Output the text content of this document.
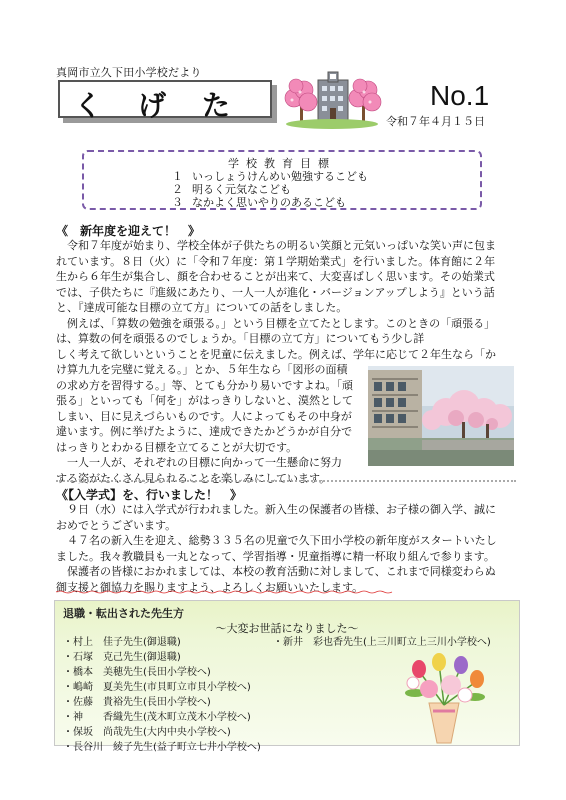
真岡市立久下田小学校だより
くげた	No.1
令和７年４月１５日
学校教育目標
１ いっしょうけんめい勉強するこども
２ 明るく元気なこども
３ なかよく思いやりのあるこども
《　新年度を迎えて！　》
令和７年度が始まり、学校全体が子供たちの明るい笑顔と元気いっぱいな笑い声に包ま
れています。８日（火）に「令和７年度：第１学期始業式」を行いました。体育館に２年
生から６年生が集合し、顔を合わせることが出来て、大変喜ばしく思います。その始業式
では、子供たちに『進級にあたり、一人一人が進化・バージョンアップしよう』という話
と、『達成可能な目標の立て方』についての話をしました。
例えば、「算数の勉強を頑張る。」という目標を立てたとします。このときの「頑張る」
は、算数の何を頑張るのでしょうか。「目標の立て方」についてもう少し詳
しく考えて欲しいということを児童に伝えました。例えば、学年に応じて２年生なら「か
け算九九を完璧に覚える。」とか、５年生なら「図形の面積
の求め方を習得する。」等、とても分かり易いですよね。「頑
張る」といっても「何を」がはっきりしないと、漠然として
しまい、目に見えづらいものです。人によってもその中身が
違います。例に挙げたように、達成できたかどうかが自分で
はっきりとわかる目標を立てることが大切です。
一人一人が、それぞれの目標に向かって一生懸命に努力
する姿がたくさん見られることを楽しみにしています。
《【入学式】を、行いました！　》
９日（水）には入学式が行われました。新入生の保護者の皆様、お子様の御入学、誠に
おめでとうございます。
４７名の新入生を迎え、総勢３３５名の児童で久下田小学校の新年度がスタートいたし
ました。我々教職員も一丸となって、学習指導・児童指導に精一杯取り組んで参ります。
保護者の皆様におかれましては、本校の教育活動に対しまして、これまで同様変わらぬ
御支援と御協力を賜りますよう、よろしくお願いいたします。
退職・転出された先生方
～大変お世話になりました～
・ 村上　佳子先生(御退職)
・ 石塚　克己先生(御退職)
・ 橋本　美穂先生(長田小学校へ)
・ 嶋崎　夏美先生(市貝町立市貝小学校へ)
・ 佐藤　貴裕先生(長田小学校へ)
・ 神　　香織先生(茂木町立茂木小学校へ)
・ 保坂　尚哉先生(大内中央小学校へ)
・ 長谷川　綾子先生(益子町立七井小学校へ)
・ 新井　彩也香先生(上三川町立上三川小学校へ)
